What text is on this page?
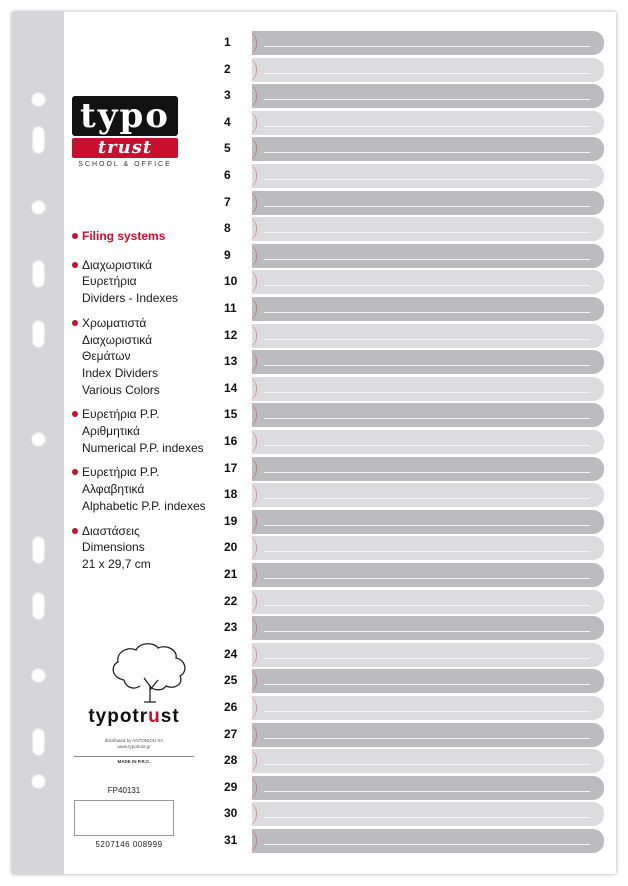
typo
trust
SCHOOL & OFFICE
Filing systems
Διαχωριστικά
Ευρετήρια
Dividers - Indexes
Χρωματιστά
Διαχωριστικά
Θεμάτων
Index Dividers
Various Colors
Ευρετήρια P.P.
Αριθμητικά
Numerical P.P. indexes
Ευρετήρια P.P.
Αλφαβητικά
Alphabetic P.P. indexes
Διαστάσεις
Dimensions
21 x 29,7 cm
typotrust
distributed by ANTONIOU SA
www.typotrust.gr
MADE IN P.R.C.
FP40131
5207146 008999
1
2
3
4
5
6
7
8
9
10
11
12
13
14
15
16
17
18
19
20
21
22
23
24
25
26
27
28
29
30
31
